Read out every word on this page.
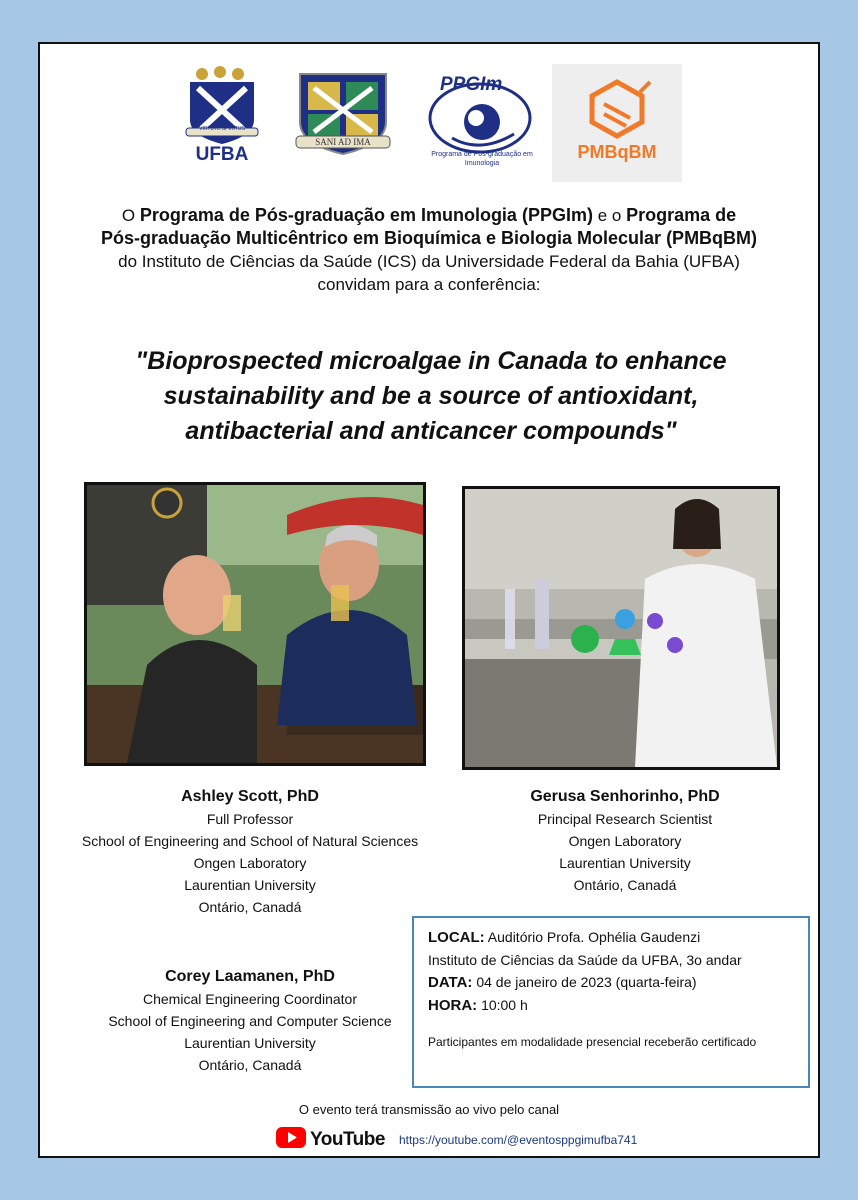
VIRTUTE SPIRITUS
UFBA
SANI AD IMA
PPGIm
Programa de Pós-graduação em Imunologia
PMBqBM
O Programa de Pós-graduação em Imunologia (PPGIm) e o Programa de
Pós-graduação Multicêntrico em Bioquímica e Biologia Molecular (PMBqBM)
do Instituto de Ciências da Saúde (ICS) da Universidade Federal da Bahia (UFBA)
convidam para a conferência:
"Bioprospected microalgae in Canada to enhance
sustainability and be a source of antioxidant,
antibacterial and anticancer compounds"
Ashley Scott, PhD
Full Professor
School of Engineering and School of Natural Sciences
Ongen Laboratory
Laurentian University
Ontário, Canadá
Gerusa Senhorinho, PhD
Principal Research Scientist
Ongen Laboratory
Laurentian University
Ontário, Canadá
Corey Laamanen, PhD
Chemical Engineering Coordinator
School of Engineering and Computer Science
Laurentian University
Ontário, Canadá
LOCAL: Auditório Profa. Ophélia Gaudenzi
Instituto de Ciências da Saúde da UFBA, 3o andar
DATA: 04 de janeiro de 2023 (quarta-feira)
HORA: 10:00 h
Participantes em modalidade presencial receberão certificado
O evento terá transmissão ao vivo pelo canal
YouTube https://youtube.com/@eventosppgimufba741
